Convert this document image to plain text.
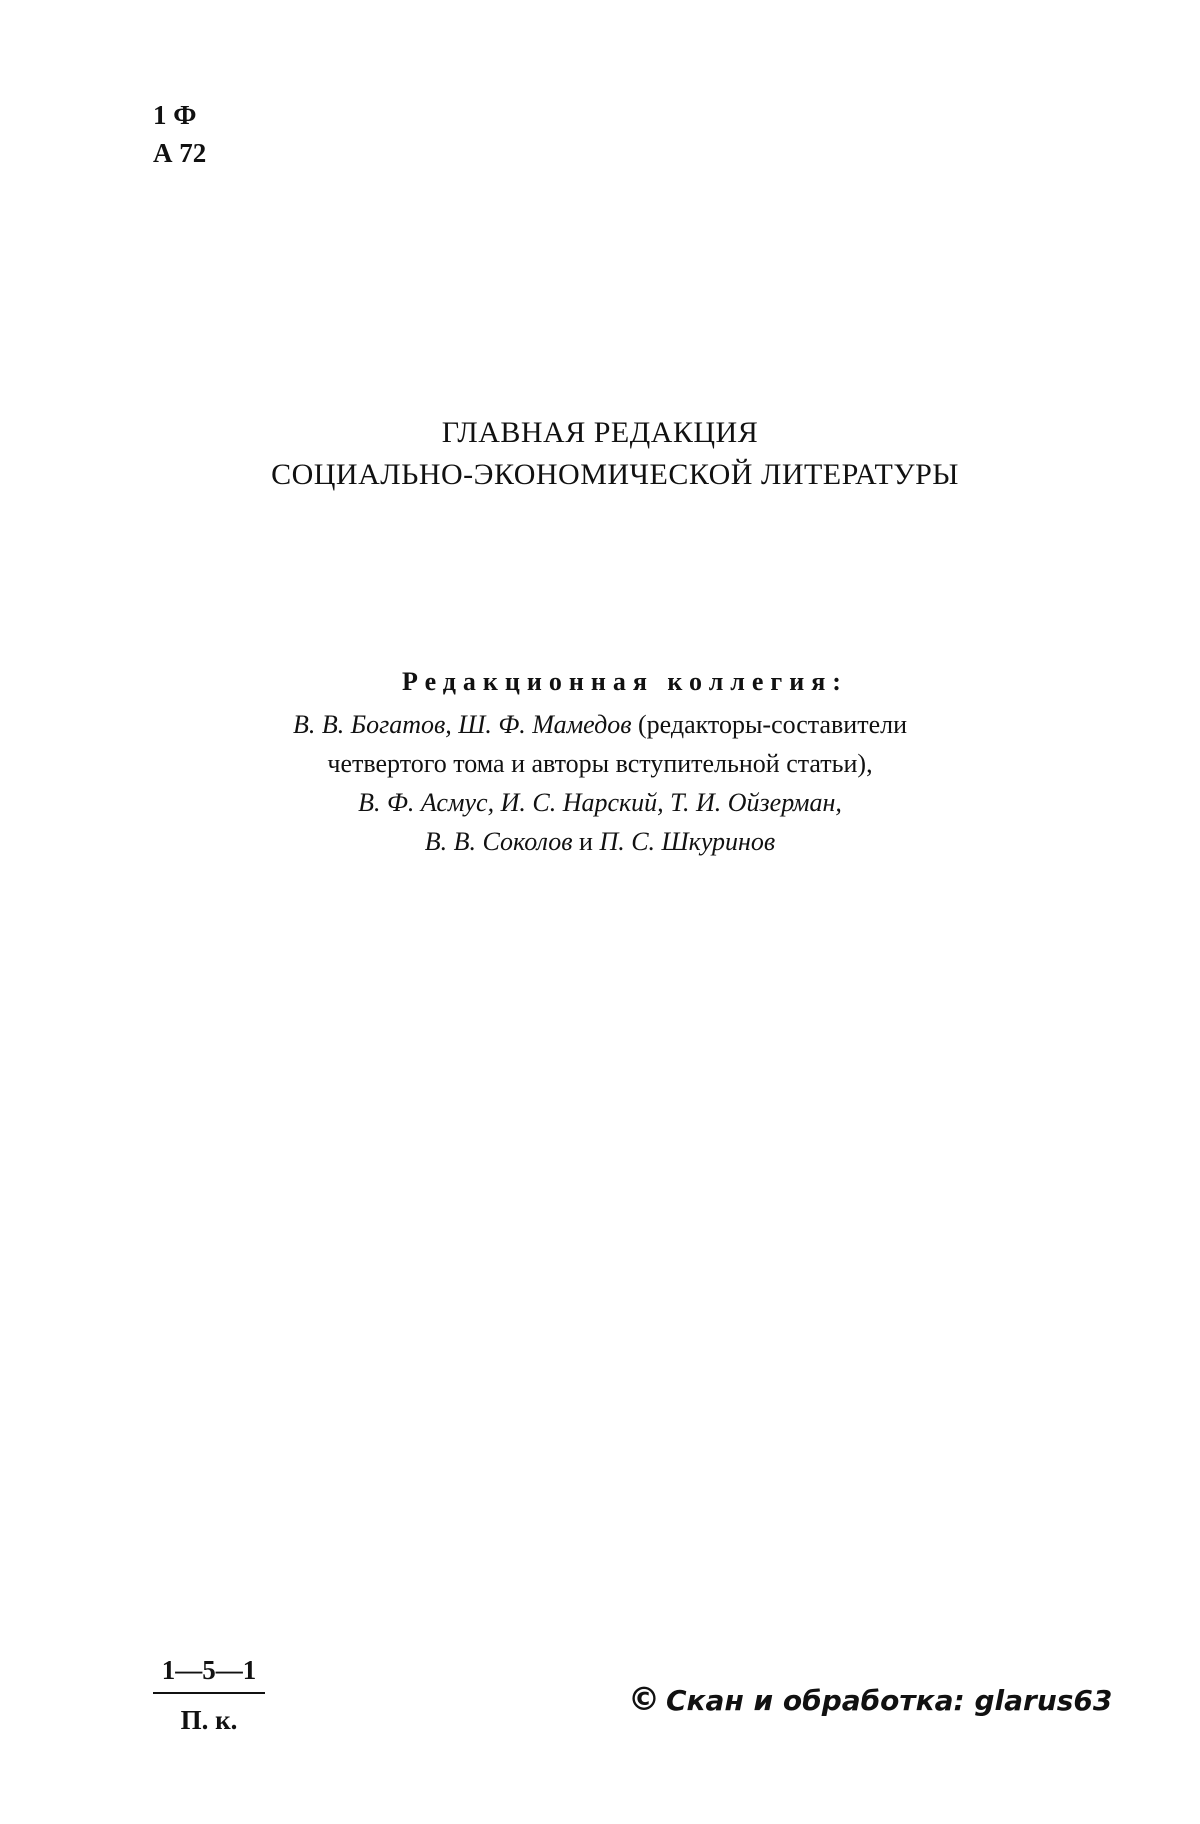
1 Ф
А 72
ГЛАВНАЯ РЕДАКЦИЯ
СОЦИАЛЬНО-ЭКОНОМИЧЕСКОЙ ЛИТЕРАТУРЫ
Редакционная коллегия:
В. В. Богатов, Ш. Ф. Мамедов (редакторы-составители
четвертого тома и авторы вступительной статьи),
В. Ф. Асмус, И. С. Нарский, Т. И. Ойзерман,
В. В. Соколов и П. С. Шкуринов
1—5—1
П. к.
© Скан и обработка: glarus63
